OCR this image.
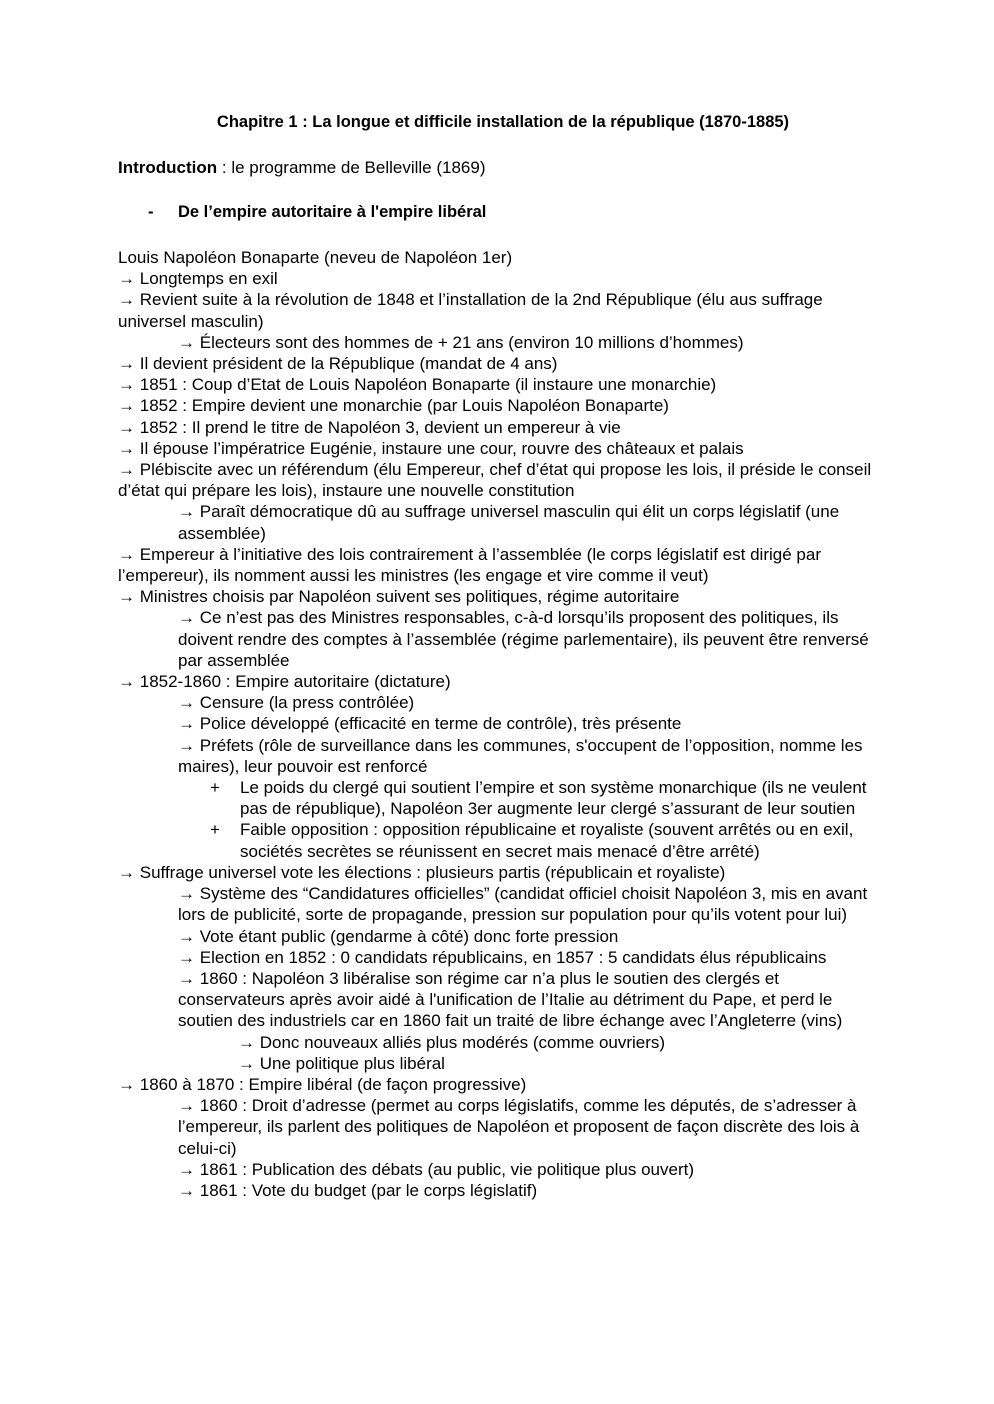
Chapitre 1 : La longue et difficile installation de la république (1870-1885)

Introduction : le programme de Belleville (1869)

- De l’empire autoritaire à l'empire libéral

Louis Napoléon Bonaparte (neveu de Napoléon 1er)

→ Longtemps en exil

→ Revient suite à la révolution de 1848 et l’installation de la 2nd République (élu aus suffrage universel masculin)

→ Électeurs sont des hommes de + 21 ans (environ 10 millions d’hommes)

→ Il devient président de la République (mandat de 4 ans)

→ 1851 : Coup d’Etat de Louis Napoléon Bonaparte (il instaure une monarchie)

→ 1852 : Empire devient une monarchie (par Louis Napoléon Bonaparte)

→ 1852 : Il prend le titre de Napoléon 3, devient un empereur à vie

→ Il épouse l’impératrice Eugénie, instaure une cour, rouvre des châteaux et palais

→ Plébiscite avec un référendum (élu Empereur, chef d’état qui propose les lois, il préside le conseil d’état qui prépare les lois), instaure une nouvelle constitution

→ Paraît démocratique dû au suffrage universel masculin qui élit un corps législatif (une assemblée)

→ Empereur à l’initiative des lois contrairement à l’assemblée (le corps législatif est dirigé par l’empereur), ils nomment aussi les ministres (les engage et vire comme il veut)

→ Ministres choisis par Napoléon suivent ses politiques, régime autoritaire

→ Ce n’est pas des Ministres responsables, c-à-d lorsqu’ils proposent des politiques, ils doivent rendre des comptes à l’assemblée (régime parlementaire), ils peuvent être renversé par assemblée

→ 1852-1860 : Empire autoritaire (dictature)

→ Censure (la press contrôlée)

→ Police développé (efficacité en terme de contrôle), très présente

→ Préfets (rôle de surveillance dans les communes, s'occupent de l’opposition, nomme les maires), leur pouvoir est renforcé

+ Le poids du clergé qui soutient l’empire et son système monarchique (ils ne veulent pas de république), Napoléon 3er augmente leur clergé s’assurant de leur soutien

+ Faible opposition : opposition républicaine et royaliste (souvent arrêtés ou en exil, sociétés secrètes se réunissent en secret mais menacé d’être arrêté)

→ Suffrage universel vote les élections : plusieurs partis (républicain et royaliste)

→ Système des “Candidatures officielles” (candidat officiel choisit Napoléon 3, mis en avant lors de publicité, sorte de propagande, pression sur population pour qu’ils votent pour lui)

→ Vote étant public (gendarme à côté) donc forte pression

→ Election en 1852 : 0 candidats républicains, en 1857 : 5 candidats élus républicains

→ 1860 : Napoléon 3 libéralise son régime car n’a plus le soutien des clergés et conservateurs après avoir aidé à l'unification de l’Italie au détriment du Pape, et perd le soutien des industriels car en 1860 fait un traité de libre échange avec l’Angleterre (vins)

→ Donc nouveaux alliés plus modérés (comme ouvriers)

→ Une politique plus libéral

→ 1860 à 1870 : Empire libéral (de façon progressive)

→ 1860 : Droit d’adresse (permet au corps législatifs, comme les députés, de s’adresser à l’empereur, ils parlent des politiques de Napoléon et proposent de façon discrète des lois à celui-ci)

→ 1861 : Publication des débats (au public, vie politique plus ouvert)

→ 1861 : Vote du budget (par le corps législatif)
